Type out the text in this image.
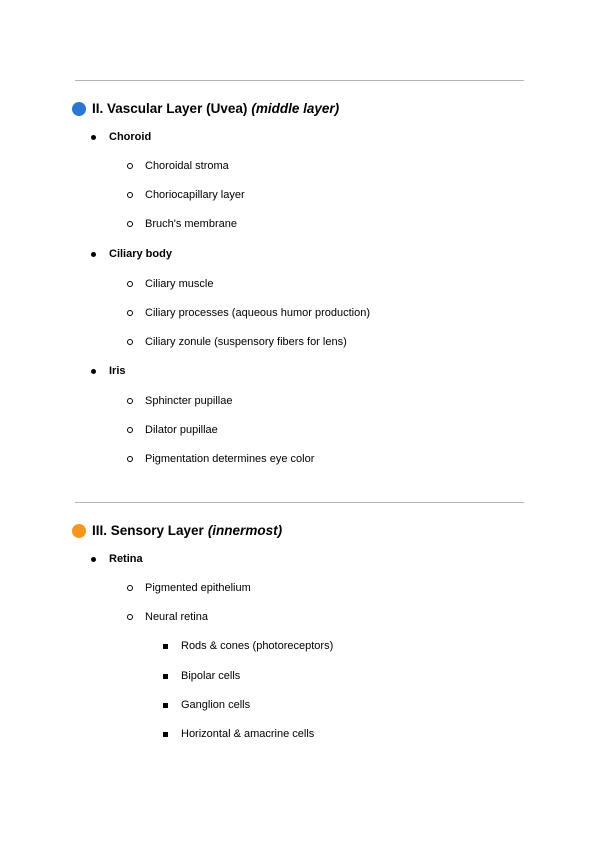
II. Vascular Layer (Uvea) (middle layer)
Choroid
Choroidal stroma
Choriocapillary layer
Bruch's membrane
Ciliary body
Ciliary muscle
Ciliary processes (aqueous humor production)
Ciliary zonule (suspensory fibers for lens)
Iris
Sphincter pupillae
Dilator pupillae
Pigmentation determines eye color
III. Sensory Layer (innermost)
Retina
Pigmented epithelium
Neural retina
Rods & cones (photoreceptors)
Bipolar cells
Ganglion cells
Horizontal & amacrine cells
